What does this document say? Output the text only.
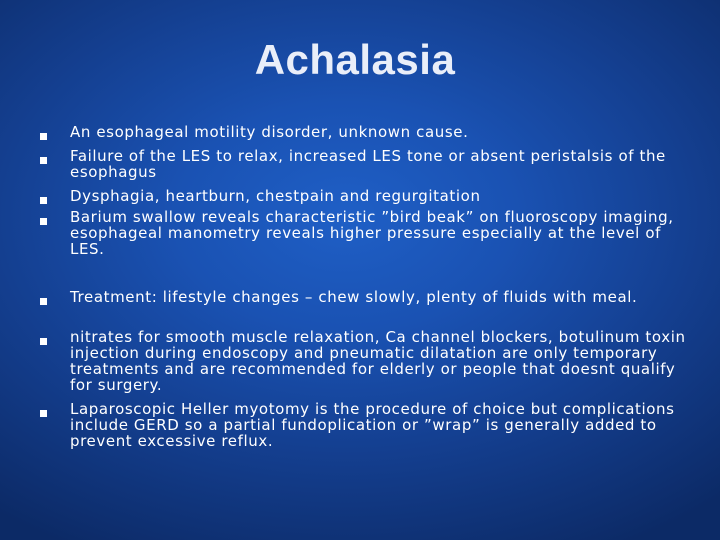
Achalasia
An esophageal motility disorder, unknown cause.
Failure of the LES to relax, increased LES tone or absent peristalsis of the esophagus
Dysphagia, heartburn, chestpain and regurgitation
Barium swallow reveals characteristic ”bird beak” on fluoroscopy imaging, esophageal manometry reveals higher pressure especially at the level of LES.
Treatment: lifestyle changes – chew slowly, plenty of fluids with meal.
nitrates for smooth muscle relaxation, Ca channel blockers, botulinum toxin injection during endoscopy and pneumatic dilatation are only temporary treatments and are recommended for elderly or people that doesnt qualify for surgery.
Laparoscopic Heller myotomy is the procedure of choice but complications include GERD so a partial fundoplication or ”wrap” is generally added to prevent excessive reflux.
